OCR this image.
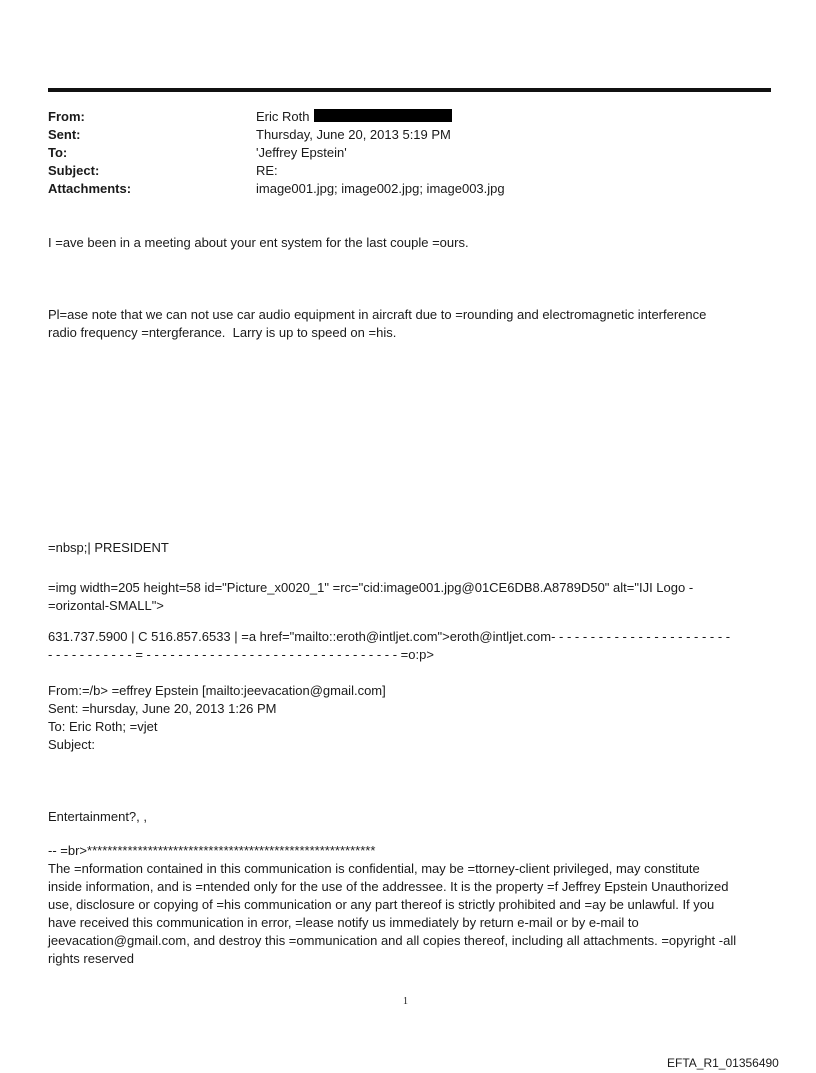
From:	Eric Roth
Sent:	Thursday, June 20, 2013 5:19 PM
To:	'Jeffrey Epstein'
Subject:	RE:
Attachments:	image001.jpg; image002.jpg; image003.jpg

I =ave been in a meeting about your ent system for the last couple =ours.

Pl=ase note that we can not use car audio equipment in aircraft due to =rounding and electromagnetic interference
radio frequency =ntergferance.  Larry is up to speed on =his.

=nbsp;| PRESIDENT

=img width=205 height=58 id="Picture_x0020_1" =rc="cid:image001.jpg@01CE6DB8.A8789D50" alt="IJI Logo -
=orizontal-SMALL">

631.737.5900 | C 516.857.6533 | =a href="mailto::eroth@intljet.com">eroth@intljet.com- - - - - - - - - - - - - - - - - - - - - - -
- - - - - - - - - - - = - - - - - - - - - - - - - - - - - - - - - - - - - - - - - - - - =o:p>

From:=/b> =effrey Epstein [mailto:jeevacation@gmail.com]
Sent: =hursday, June 20, 2013 1:26 PM
To: Eric Roth; =vjet
Subject:

Entertainment?, ,

-- =br>*********************************************************
The =nformation contained in this communication is confidential, may be =ttorney-client privileged, may constitute
inside information, and is =ntended only for the use of the addressee. It is the property =f Jeffrey Epstein Unauthorized
use, disclosure or copying of =his communication or any part thereof is strictly prohibited and =ay be unlawful. If you
have received this communication in error, =lease notify us immediately by return e-mail or by e-mail to
jeevacation@gmail.com, and destroy this =ommunication and all copies thereof, including all attachments. =opyright -all
rights reserved

1
EFTA_R1_01356490
